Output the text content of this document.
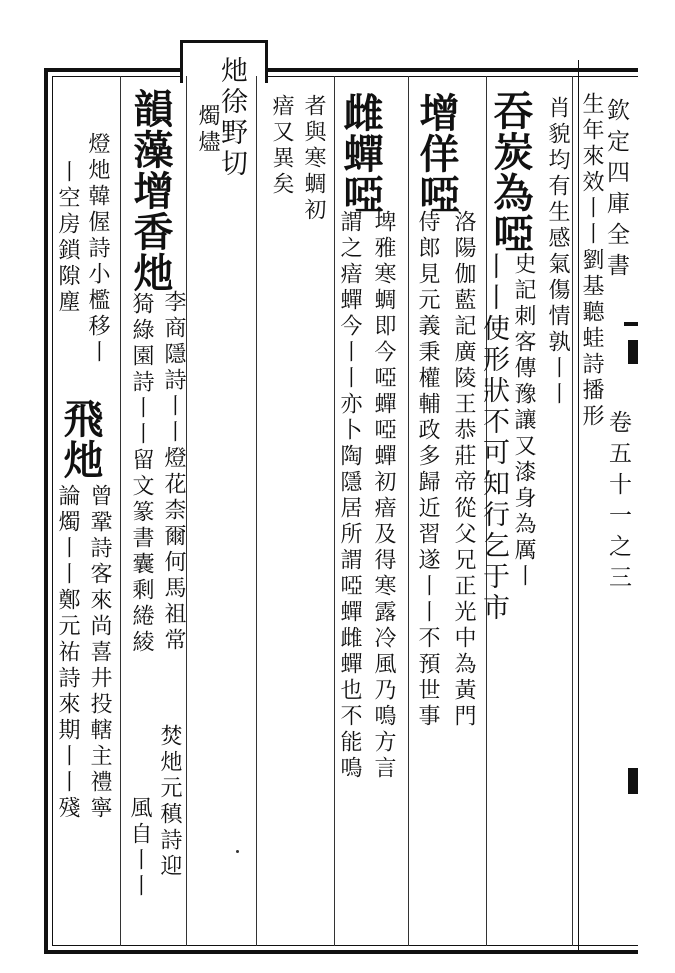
欽定四庫全書
卷五十一之三
生年來效丨丨劉基聽蛙詩播形
肖貌均有生感氣傷情孰丨丨
吞炭為啞
史記刺客傳豫讓又漆身為厲丨
丨丨使形狀不可知行乞于市
增佯啞
洛陽伽藍記廣陵王恭莊帝從父兄正光中為黃門
侍郎見元義秉權輔政多歸近習遂丨丨不預世事
雌蟬啞
埤雅寒蜩即今啞蟬啞蟬初瘖及得寒露冷風乃鳴方言
謂之瘖蟬今丨丨亦卜陶隱居所謂啞蟬雌蟬也不能鳴
者與寒蜩初
瘖又異矣
灺徐野切
燭燼
韻藻增香灺
李商隱詩丨丨燈花柰爾何馬祖常
猗綠園詩丨丨留文篆書囊剩綣綾
焚灺元稹詩迎
風自丨丨
燈灺韓偓詩小檻移丨
丨空房鎖隙塵
飛灺
曾鞏詩客來尚喜井投轄主禮寧
論燭丨丨鄭元祐詩來期丨丨殘
